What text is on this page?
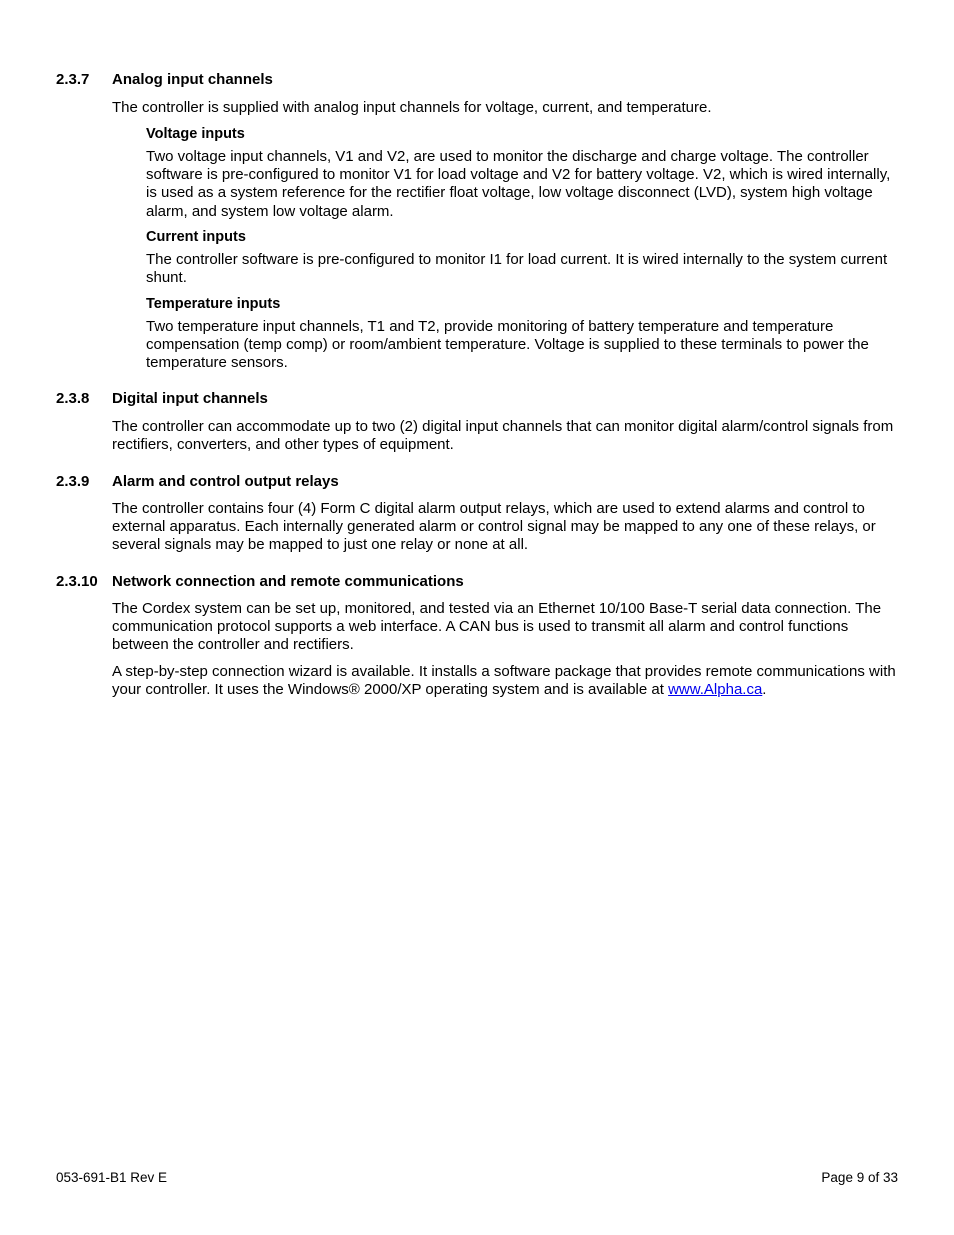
2.3.7 Analog input channels

The controller is supplied with analog input channels for voltage, current, and temperature.

Voltage inputs

Two voltage input channels, V1 and V2, are used to monitor the discharge and charge voltage. The controller software is pre-configured to monitor V1 for load voltage and V2 for battery voltage. V2, which is wired internally, is used as a system reference for the rectifier float voltage, low voltage disconnect (LVD), system high voltage alarm, and system low voltage alarm.

Current inputs

The controller software is pre-configured to monitor I1 for load current. It is wired internally to the system current shunt.

Temperature inputs

Two temperature input channels, T1 and T2, provide monitoring of battery temperature and temperature compensation (temp comp) or room/ambient temperature. Voltage is supplied to these terminals to power the temperature sensors.

2.3.8 Digital input channels

The controller can accommodate up to two (2) digital input channels that can monitor digital alarm/control signals from rectifiers, converters, and other types of equipment.

2.3.9 Alarm and control output relays

The controller contains four (4) Form C digital alarm output relays, which are used to extend alarms and control to external apparatus. Each internally generated alarm or control signal may be mapped to any one of these relays, or several signals may be mapped to just one relay or none at all.

2.3.10 Network connection and remote communications

The Cordex system can be set up, monitored, and tested via an Ethernet 10/100 Base-T serial data connection. The communication protocol supports a web interface. A CAN bus is used to transmit all alarm and control functions between the controller and rectifiers.

A step-by-step connection wizard is available. It installs a software package that provides remote communications with your controller. It uses the Windows® 2000/XP operating system and is available at www.Alpha.ca.

053-691-B1 Rev E	Page 9 of 33
